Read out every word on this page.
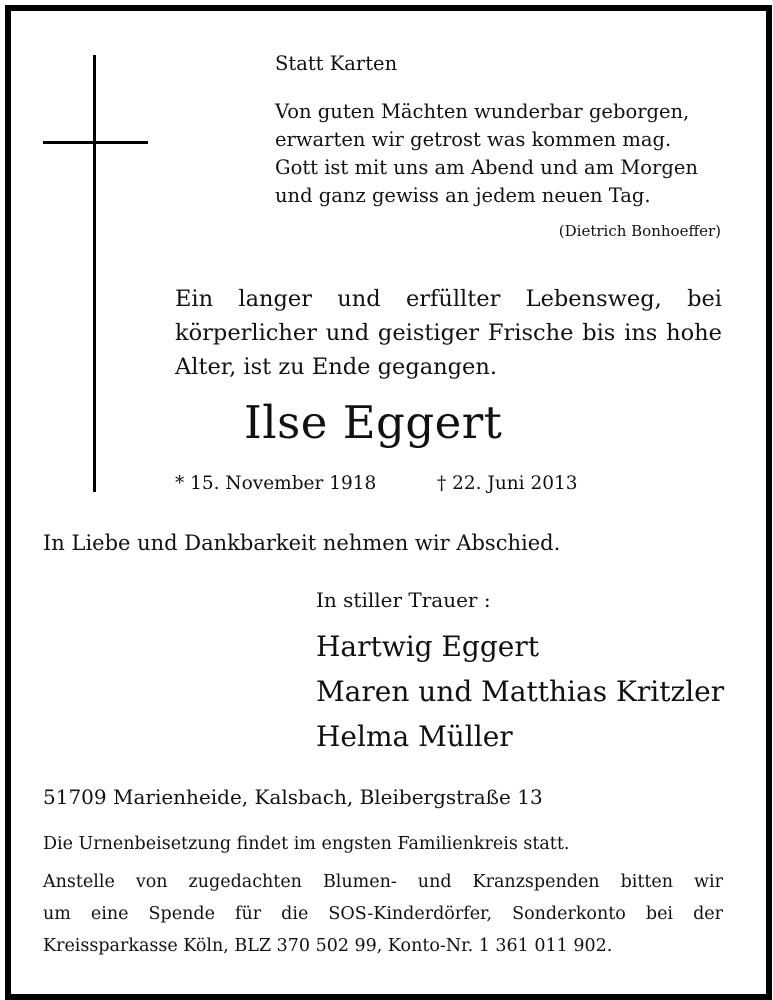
Statt Karten

Von guten Mächten wunderbar geborgen,
erwarten wir getrost was kommen mag.
Gott ist mit uns am Abend und am Morgen
und ganz gewiss an jedem neuen Tag.

(Dietrich Bonhoeffer)

Ein langer und erfüllter Lebensweg, bei
körperlicher und geistiger Frische bis ins hohe
Alter, ist zu Ende gegangen.

Ilse Eggert

* 15. November 1918	† 22. Juni 2013

In Liebe und Dankbarkeit nehmen wir Abschied.

In stiller Trauer :

Hartwig Eggert
Maren und Matthias Kritzler
Helma Müller

51709 Marienheide, Kalsbach, Bleibergstraße 13

Die Urnenbeisetzung findet im engsten Familienkreis statt.

Anstelle von zugedachten Blumen- und Kranzspenden bitten wir
um eine Spende für die SOS-Kinderdörfer, Sonderkonto bei der
Kreissparkasse Köln, BLZ 370 502 99, Konto-Nr. 1 361 011 902.
